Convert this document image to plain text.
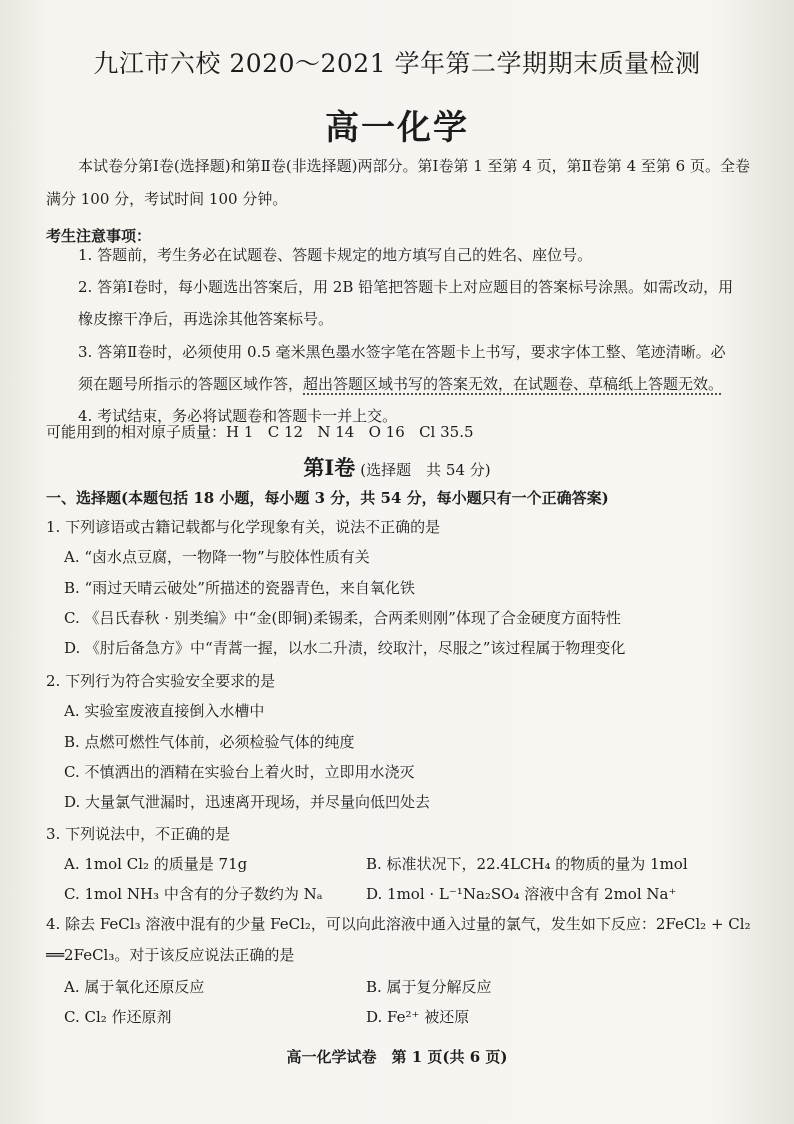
九江市六校 2020～2021 学年第二学期期末质量检测
高一化学
本试卷分第Ⅰ卷(选择题)和第Ⅱ卷(非选择题)两部分。第Ⅰ卷第 1 至第 4 页，第Ⅱ卷第 4 至第 6 页。全卷满分 100 分，考试时间 100 分钟。
考生注意事项：
1. 答题前，考生务必在试题卷、答题卡规定的地方填写自己的姓名、座位号。
2. 答第Ⅰ卷时，每小题选出答案后，用 2B 铅笔把答题卡上对应题目的答案标号涂黑。如需改动，用
橡皮擦干净后，再选涂其他答案标号。
3. 答第Ⅱ卷时，必须使用 0.5 毫米黑色墨水签字笔在答题卡上书写，要求字体工整、笔迹清晰。必
须在题号所指示的答题区域作答，超出答题区域书写的答案无效，在试题卷、草稿纸上答题无效。
4. 考试结束，务必将试题卷和答题卡一并上交。
可能用到的相对原子质量：H 1   C 12   N 14   O 16   Cl 35.5
第Ⅰ卷 (选择题　共 54 分)
一、选择题(本题包括 18 小题，每小题 3 分，共 54 分，每小题只有一个正确答案)
1. 下列谚语或古籍记载都与化学现象有关，说法不正确的是
A. “卤水点豆腐，一物降一物”与胶体性质有关
B. “雨过天晴云破处”所描述的瓷器青色，来自氧化铁
C. 《吕氏春秋 · 别类编》中“金(即铜)柔锡柔，合两柔则刚”体现了合金硬度方面特性
D. 《肘后备急方》中“青蒿一握，以水二升渍，绞取汁，尽服之”该过程属于物理变化
2. 下列行为符合实验安全要求的是
A. 实验室废液直接倒入水槽中
B. 点燃可燃性气体前，必须检验气体的纯度
C. 不慎洒出的酒精在实验台上着火时，立即用水浇灭
D. 大量氯气泄漏时，迅速离开现场，并尽量向低凹处去
3. 下列说法中，不正确的是
A. 1mol Cl₂ 的质量是 71g	B. 标准状况下，22.4LCH₄ 的物质的量为 1mol
C. 1mol NH₃ 中含有的分子数约为 Nₐ	D. 1mol · L⁻¹Na₂SO₄ 溶液中含有 2mol Na⁺
4. 除去 FeCl₃ 溶液中混有的少量 FeCl₂，可以向此溶液中通入过量的氯气，发生如下反应：2FeCl₂ + Cl₂
══2FeCl₃。对于该反应说法正确的是
A. 属于氧化还原反应	B. 属于复分解反应
C. Cl₂ 作还原剂	D. Fe²⁺ 被还原
高一化学试卷　第 1 页(共 6 页)
